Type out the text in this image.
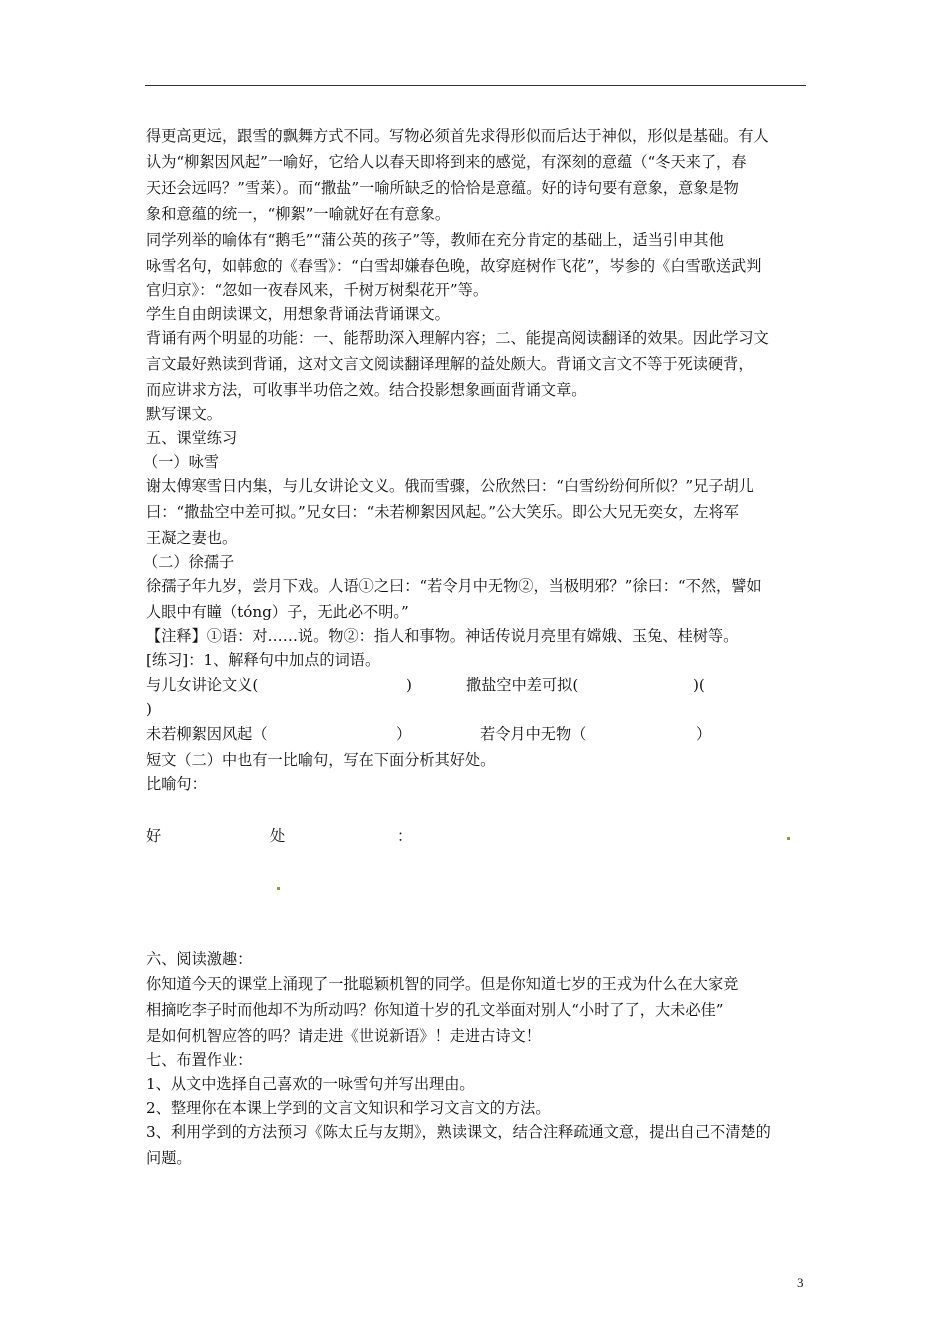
得更高更远，跟雪的飘舞方式不同。写物必须首先求得形似而后达于神似，形似是基础。有人
认为“柳絮因风起”一喻好，它给人以春天即将到来的感觉，有深刻的意蕴（“冬天来了，春
天还会远吗？”雪莱）。而“撒盐”一喻所缺乏的恰恰是意蕴。好的诗句要有意象，意象是物
象和意蕴的统一，“柳絮”一喻就好在有意象。
同学列举的喻体有“鹅毛”“蒲公英的孩子”等，教师在充分肯定的基础上，适当引申其他
咏雪名句，如韩愈的《春雪》：“白雪却嫌春色晚，故穿庭树作飞花”，岑参的《白雪歌送武判
官归京》：“忽如一夜春风来，千树万树梨花开”等。
学生自由朗读课文，用想象背诵法背诵课文。
背诵有两个明显的功能：一、能帮助深入理解内容；二、能提高阅读翻译的效果。因此学习文
言文最好熟读到背诵，这对文言文阅读翻译理解的益处颇大。背诵文言文不等于死读硬背，
而应讲求方法，可收事半功倍之效。结合投影想象画面背诵文章。
默写课文。
五、课堂练习
（一）咏雪
谢太傅寒雪日内集，与儿女讲论文义。俄而雪骤，公欣然曰：“白雪纷纷何所似？”兄子胡儿
曰：“撒盐空中差可拟。”兄女曰：“未若柳絮因风起。”公大笑乐。即公大兄无奕女，左将军
王凝之妻也。
（二）徐孺子
徐孺子年九岁，尝月下戏。人语①之曰：“若令月中无物②，当极明邪？”徐曰：“不然，譬如
人眼中有瞳（tóng）子，无此必不明。”
【注释】①语：对……说。物②：指人和事物。神话传说月亮里有嫦娥、玉兔、桂树等。
[练习]：1、解释句中加点的词语。
与儿女讲论文义(	)	撒盐空中差可拟(	)(
)
未若柳絮因风起（	）	若令月中无物（	）
短文（二）中也有一比喻句，写在下面分析其好处。
比喻句：
好	处	：
六、阅读激趣：
你知道今天的课堂上涌现了一批聪颖机智的同学。但是你知道七岁的王戎为什么在大家竞
相摘吃李子时而他却不为所动吗？你知道十岁的孔文举面对别人“小时了了，大未必佳”
是如何机智应答的吗？请走进《世说新语》！走进古诗文！
七、布置作业：
1、从文中选择自己喜欢的一咏雪句并写出理由。
2、整理你在本课上学到的文言文知识和学习文言文的方法。
3、利用学到的方法预习《陈太丘与友期》，熟读课文，结合注释疏通文意，提出自己不清楚的
问题。
3
